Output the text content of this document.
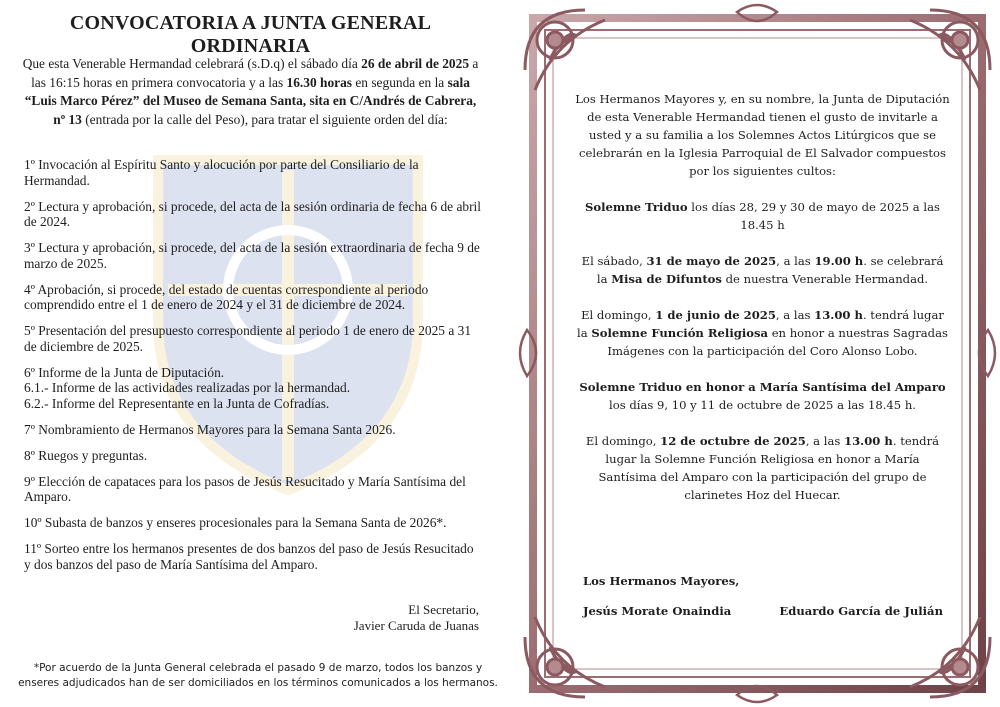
CONVOCATORIA A JUNTA GENERAL ORDINARIA
Que esta Venerable Hermandad celebrará (s.D.q) el sábado día 26 de abril de 2025 a las 16:15 horas en primera convocatoria y a las 16.30 horas en segunda en la sala “Luis Marco Pérez” del Museo de Semana Santa, sita en C/Andrés de Cabrera, nº 13 (entrada por la calle del Peso), para tratar el siguiente orden del día:
1º Invocación al Espíritu Santo y alocución por parte del Consiliario de la Hermandad.
2º Lectura y aprobación, si procede, del acta de la sesión ordinaria de fecha 6 de abril de 2024.
3º Lectura y aprobación, si procede, del acta de la sesión extraordinaria de fecha 9 de marzo de 2025.
4º Aprobación, si procede, del estado de cuentas correspondiente al periodo comprendido entre el 1 de enero de 2024 y el 31 de diciembre de 2024.
5º Presentación del presupuesto correspondiente al periodo 1 de enero de 2025 a 31 de diciembre de 2025.
6º Informe de la Junta de Diputación.
6.1.- Informe de las actividades realizadas por la hermandad.
6.2.- Informe del Representante en la Junta de Cofradías.
7º Nombramiento de Hermanos Mayores para la Semana Santa 2026.
8º Ruegos y preguntas.
9º Elección de capataces para los pasos de Jesús Resucitado y María Santísima del Amparo.
10º Subasta de banzos y enseres procesionales para la Semana Santa de 2026*.
11º Sorteo entre los hermanos presentes de dos banzos del paso de Jesús Resucitado y dos banzos del paso de María Santísima del Amparo.
El Secretario,
Javier Caruda de Juanas
*Por acuerdo de la Junta General celebrada el pasado 9 de marzo, todos los banzos y enseres adjudicados han de ser domiciliados en los términos comunicados a los hermanos.

Los Hermanos Mayores y, en su nombre, la Junta de Diputación de esta Venerable Hermandad tienen el gusto de invitarle a usted y a su familia a los Solemnes Actos Litúrgicos que se celebrarán en la Iglesia Parroquial de El Salvador compuestos por los siguientes cultos:

Solemne Triduo los días 28, 29 y 30 de mayo de 2025 a las 18.45 h

El sábado, 31 de mayo de 2025, a las 19.00 h. se celebrará la Misa de Difuntos de nuestra Venerable Hermandad.

El domingo, 1 de junio de 2025, a las 13.00 h. tendrá lugar la Solemne Función Religiosa en honor a nuestras Sagradas Imágenes con la participación del Coro Alonso Lobo.

Solemne Triduo en honor a María Santísima del Amparo los días 9, 10 y 11 de octubre de 2025 a las 18.45 h.

El domingo, 12 de octubre de 2025, a las 13.00 h. tendrá lugar la Solemne Función Religiosa en honor a María Santísima del Amparo con la participación del grupo de clarinetes Hoz del Huecar.

Los Hermanos Mayores,
Jesús Morate Onaindia	Eduardo García de Julián
